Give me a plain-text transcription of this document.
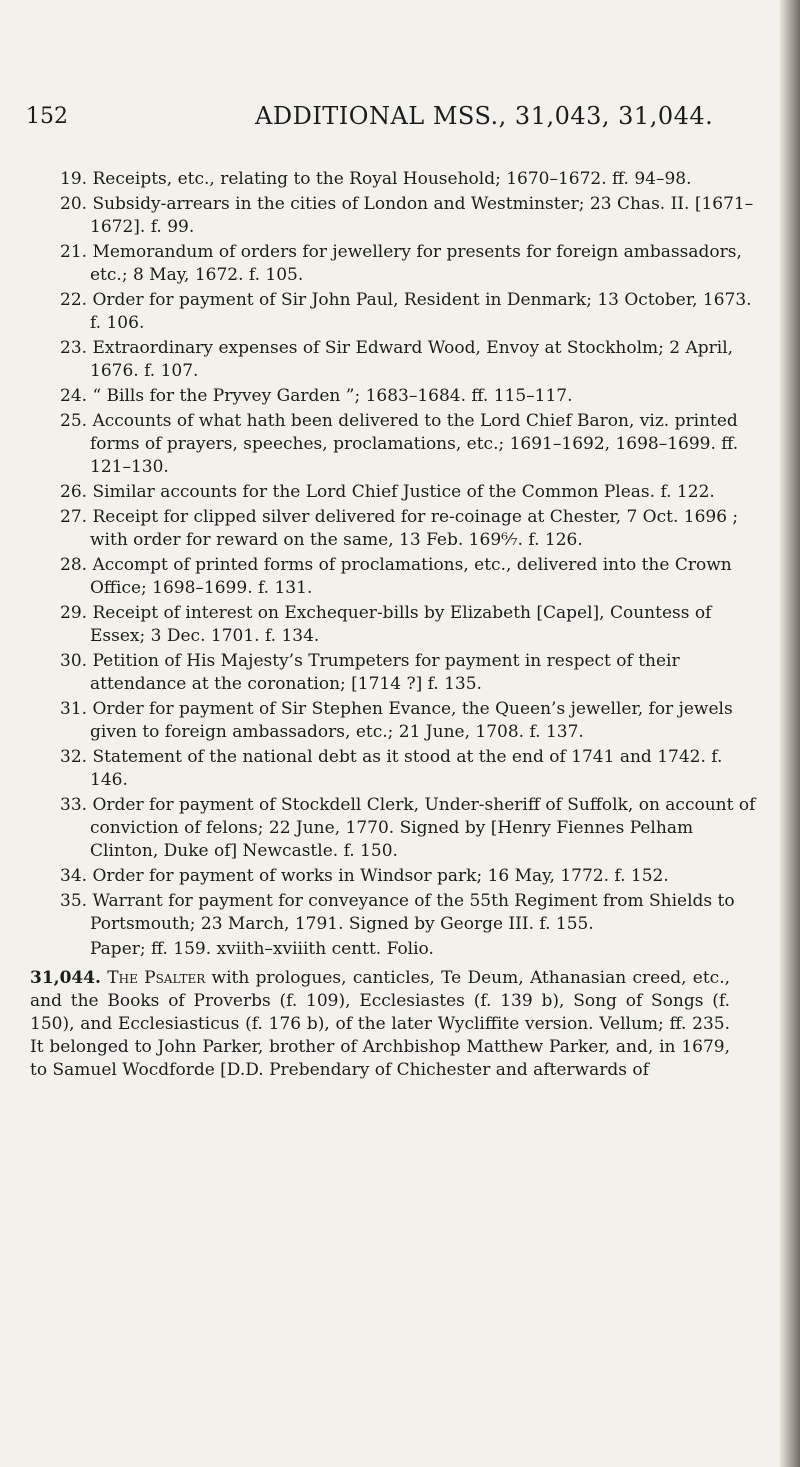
152	ADDITIONAL MSS., 31,043, 31,044.

19. Receipts, etc., relating to the Royal Household; 1670–1672. ff. 94–98.

20. Subsidy-arrears in the cities of London and Westminster; 23 Chas. II. [1671–1672]. f. 99.

21. Memorandum of orders for jewellery for presents for foreign ambassadors, etc.; 8 May, 1672. f. 105.

22. Order for payment of Sir John Paul, Resident in Denmark; 13 October, 1673. f. 106.

23. Extraordinary expenses of Sir Edward Wood, Envoy at Stockholm; 2 April, 1676. f. 107.

24. “ Bills for the Pryvey Garden ”; 1683–1684. ff. 115–117.

25. Accounts of what hath been delivered to the Lord Chief Baron, viz. printed forms of prayers, speeches, proclamations, etc.; 1691–1692, 1698–1699. ff. 121–130.

26. Similar accounts for the Lord Chief Justice of the Common Pleas. f. 122.

27. Receipt for clipped silver delivered for re-coinage at Chester, 7 Oct. 1696 ; with order for reward on the same, 13 Feb. 169⁶⁄₇. f. 126.

28. Accompt of printed forms of proclamations, etc., delivered into the Crown Office; 1698–1699. f. 131.

29. Receipt of interest on Exchequer-bills by Elizabeth [Capel], Countess of Essex; 3 Dec. 1701. f. 134.

30. Petition of His Majesty’s Trumpeters for payment in respect of their attendance at the coronation; [1714 ?] f. 135.

31. Order for payment of Sir Stephen Evance, the Queen’s jeweller, for jewels given to foreign ambassadors, etc.; 21 June, 1708. f. 137.

32. Statement of the national debt as it stood at the end of 1741 and 1742. f. 146.

33. Order for payment of Stockdell Clerk, Under-sheriff of Suffolk, on account of conviction of felons; 22 June, 1770. Signed by [Henry Fiennes Pelham Clinton, Duke of] Newcastle. f. 150.

34. Order for payment of works in Windsor park; 16 May, 1772. f. 152.

35. Warrant for payment for conveyance of the 55th Regiment from Shields to Portsmouth; 23 March, 1791. Signed by George III. f. 155.

Paper; ff. 159. xviith–xviiith centt. Folio.

31,044. The Psalter with prologues, canticles, Te Deum, Athanasian creed, etc., and the Books of Proverbs (f. 109), Ecclesiastes (f. 139 b), Song of Songs (f. 150), and Ecclesiasticus (f. 176 b), of the later Wycliffite version. Vellum; ff. 235. It belonged to John Parker, brother of Archbishop Matthew Parker, and, in 1679, to Samuel Wocdforde [D.D. Prebendary of Chichester and afterwards of
